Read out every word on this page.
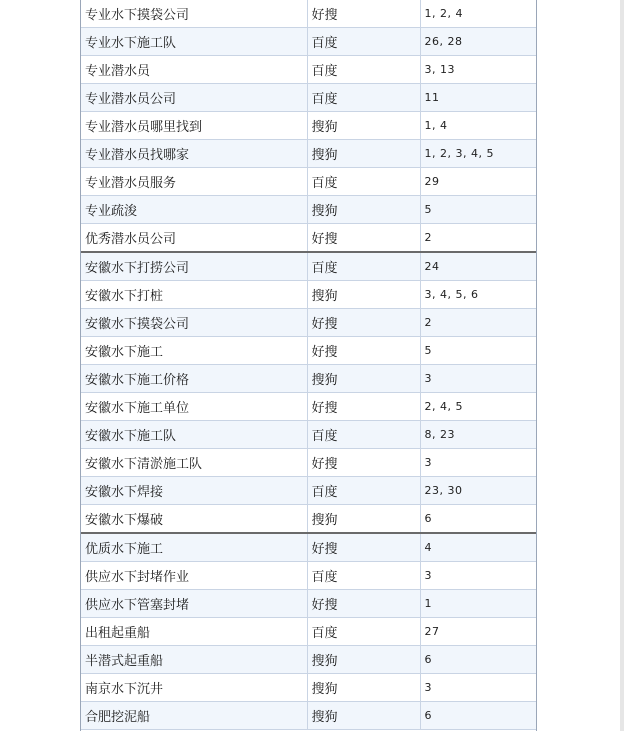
专业水下摸袋公司	好搜	1, 2, 4
专业水下施工队	百度	26, 28
专业潜水员	百度	3, 13
专业潜水员公司	百度	11
专业潜水员哪里找到	搜狗	1, 4
专业潜水员找哪家	搜狗	1, 2, 3, 4, 5
专业潜水员服务	百度	29
专业疏浚	搜狗	5
优秀潜水员公司	好搜	2
安徽水下打捞公司	百度	24
安徽水下打桩	搜狗	3, 4, 5, 6
安徽水下摸袋公司	好搜	2
安徽水下施工	好搜	5
安徽水下施工价格	搜狗	3
安徽水下施工单位	好搜	2, 4, 5
安徽水下施工队	百度	8, 23
安徽水下清淤施工队	好搜	3
安徽水下焊接	百度	23, 30
安徽水下爆破	搜狗	6
优质水下施工	好搜	4
供应水下封堵作业	百度	3
供应水下管塞封堵	好搜	1
出租起重船	百度	27
半潜式起重船	搜狗	6
南京水下沉井	搜狗	3
合肥挖泥船	搜狗	6
